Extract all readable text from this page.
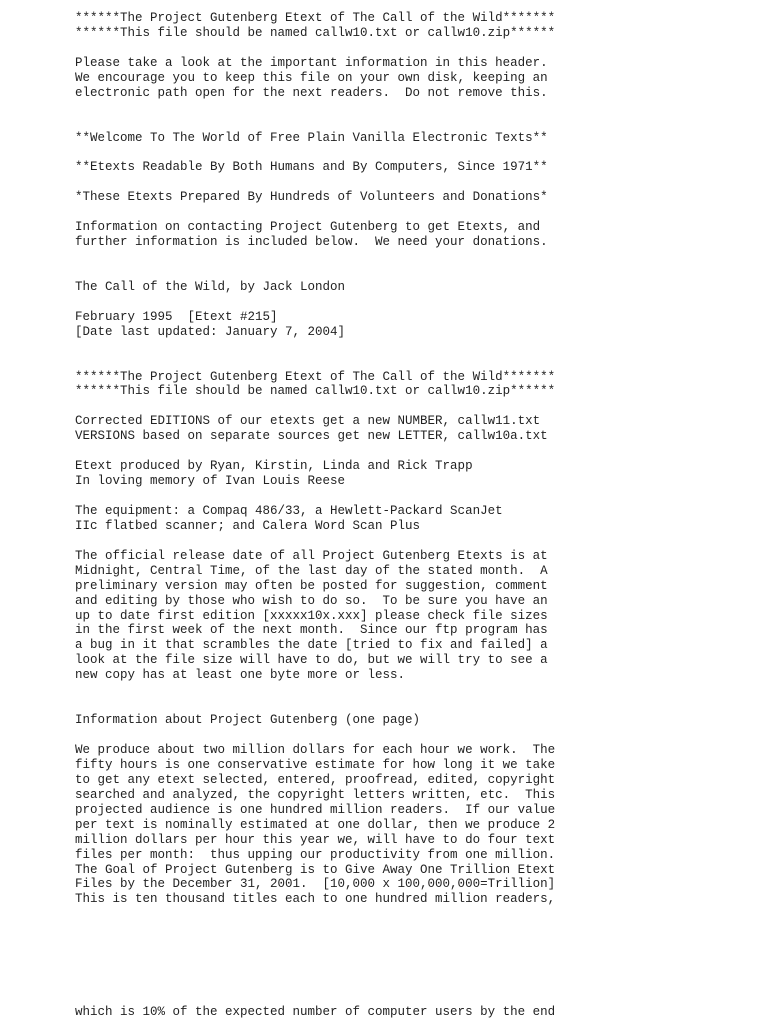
******The Project Gutenberg Etext of The Call of the Wild*******
******This file should be named callw10.txt or callw10.zip******
Please take a look at the important information in this header.
We encourage you to keep this file on your own disk, keeping an
electronic path open for the next readers.  Do not remove this.
**Welcome To The World of Free Plain Vanilla Electronic Texts**
**Etexts Readable By Both Humans and By Computers, Since 1971**
*These Etexts Prepared By Hundreds of Volunteers and Donations*
Information on contacting Project Gutenberg to get Etexts, and
further information is included below.  We need your donations.
The Call of the Wild, by Jack London
February 1995  [Etext #215]
[Date last updated: January 7, 2004]
******The Project Gutenberg Etext of The Call of the Wild*******
******This file should be named callw10.txt or callw10.zip******
Corrected EDITIONS of our etexts get a new NUMBER, callw11.txt
VERSIONS based on separate sources get new LETTER, callw10a.txt
Etext produced by Ryan, Kirstin, Linda and Rick Trapp
In loving memory of Ivan Louis Reese
The equipment: a Compaq 486/33, a Hewlett-Packard ScanJet
IIc flatbed scanner; and Calera Word Scan Plus
The official release date of all Project Gutenberg Etexts is at
Midnight, Central Time, of the last day of the stated month.  A
preliminary version may often be posted for suggestion, comment
and editing by those who wish to do so.  To be sure you have an
up to date first edition [xxxxx10x.xxx] please check file sizes
in the first week of the next month.  Since our ftp program has
a bug in it that scrambles the date [tried to fix and failed] a
look at the file size will have to do, but we will try to see a
new copy has at least one byte more or less.
Information about Project Gutenberg (one page)
We produce about two million dollars for each hour we work.  The
fifty hours is one conservative estimate for how long it we take
to get any etext selected, entered, proofread, edited, copyright
searched and analyzed, the copyright letters written, etc.  This
projected audience is one hundred million readers.  If our value
per text is nominally estimated at one dollar, then we produce 2
million dollars per hour this year we, will have to do four text
files per month:  thus upping our productivity from one million.
The Goal of Project Gutenberg is to Give Away One Trillion Etext
Files by the December 31, 2001.  [10,000 x 100,000,000=Trillion]
This is ten thousand titles each to one hundred million readers,
which is 10% of the expected number of computer users by the end
